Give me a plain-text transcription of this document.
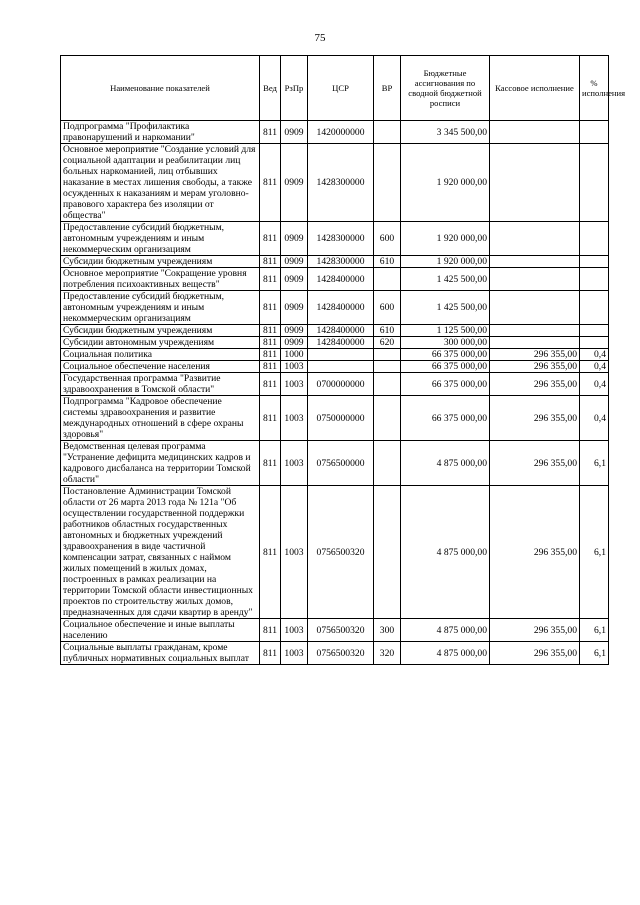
75
Наименование показателей	Вед	РзПр	ЦСР	ВР	Бюджетные ассигнования по сводной бюджетной росписи	Кассовое исполнение	% исполнения
Подпрограмма "Профилактика правонарушений и наркомании"	811	0909	1420000000		3 345 500,00		
Основное мероприятие "Создание условий для социальной адаптации и реабилитации лиц больных наркоманией, лиц отбывших наказание в местах лишения свободы, а также осужденных к наказаниям и мерам уголовно-правового характера без изоляции от общества"	811	0909	1428300000		1 920 000,00		
Предоставление субсидий бюджетным, автономным учреждениям и иным некоммерческим организациям	811	0909	1428300000	600	1 920 000,00		
Субсидии бюджетным учреждениям	811	0909	1428300000	610	1 920 000,00		
Основное мероприятие "Сокращение уровня потребления психоактивных веществ"	811	0909	1428400000		1 425 500,00		
Предоставление субсидий бюджетным, автономным учреждениям и иным некоммерческим организациям	811	0909	1428400000	600	1 425 500,00		
Субсидии бюджетным учреждениям	811	0909	1428400000	610	1 125 500,00		
Субсидии автономным учреждениям	811	0909	1428400000	620	300 000,00		
Социальная политика	811	1000			66 375 000,00	296 355,00	0,4
Социальное обеспечение населения	811	1003			66 375 000,00	296 355,00	0,4
Государственная программа "Развитие здравоохранения в Томской области"	811	1003	0700000000		66 375 000,00	296 355,00	0,4
Подпрограмма "Кадровое обеспечение системы здравоохранения и развитие международных отношений в сфере охраны здоровья"	811	1003	0750000000		66 375 000,00	296 355,00	0,4
Ведомственная целевая программа "Устранение дефицита медицинских кадров и кадрового дисбаланса на территории Томской области"	811	1003	0756500000		4 875 000,00	296 355,00	6,1
Постановление Администрации Томской области от 26 марта 2013 года № 121а "Об осуществлении государственной поддержки работников областных государственных автономных и бюджетных учреждений здравоохранения в виде частичной компенсации затрат, связанных с наймом жилых помещений в жилых домах, построенных в рамках реализации на территории Томской области инвестиционных проектов по строительству жилых домов, предназначенных для сдачи квартир в аренду"	811	1003	0756500320		4 875 000,00	296 355,00	6,1
Социальное обеспечение и иные выплаты населению	811	1003	0756500320	300	4 875 000,00	296 355,00	6,1
Социальные выплаты гражданам, кроме публичных нормативных социальных выплат	811	1003	0756500320	320	4 875 000,00	296 355,00	6,1
